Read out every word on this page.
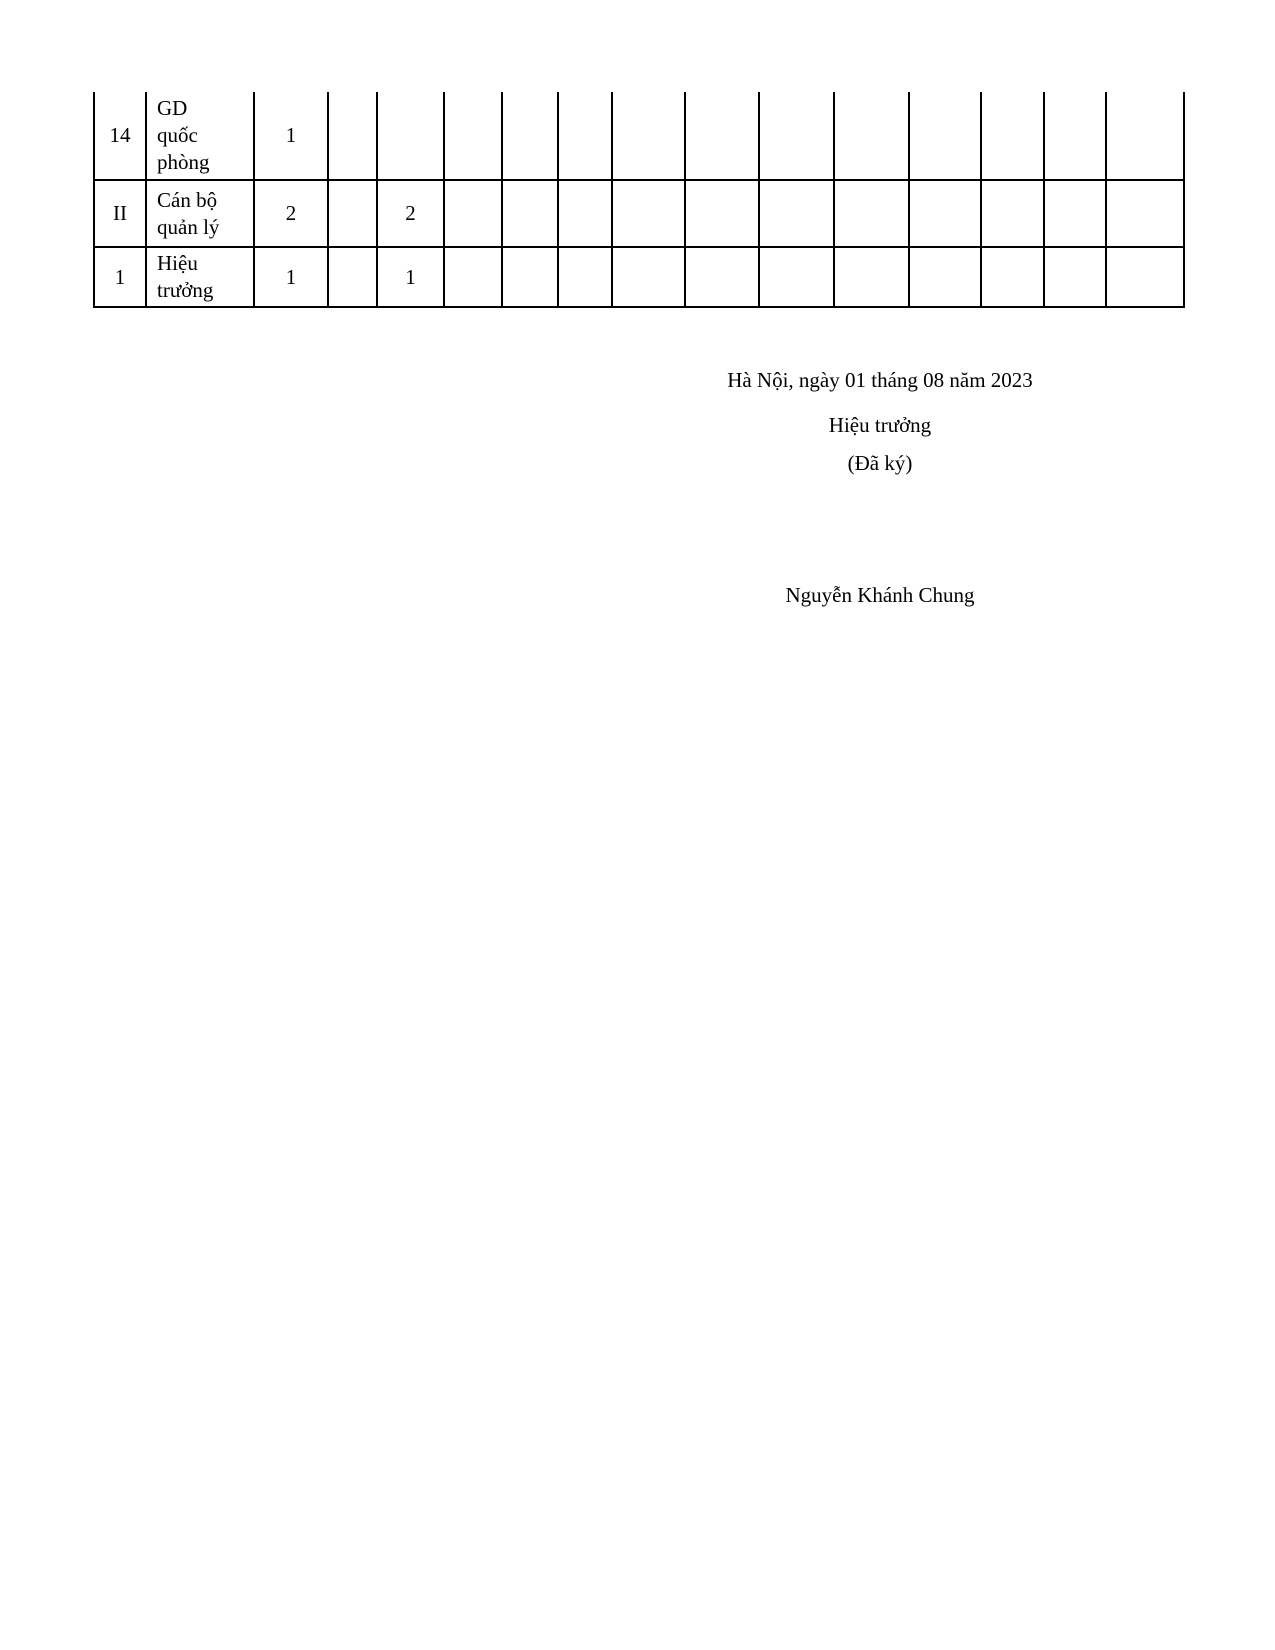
14	GD quốc phòng	1													
II	Cán bộ quản lý	2		2											
1	Hiệu trưởng	1		1											

Hà Nội, ngày 01 tháng 08 năm 2023

Hiệu trưởng

(Đã ký)

Nguyễn Khánh Chung
